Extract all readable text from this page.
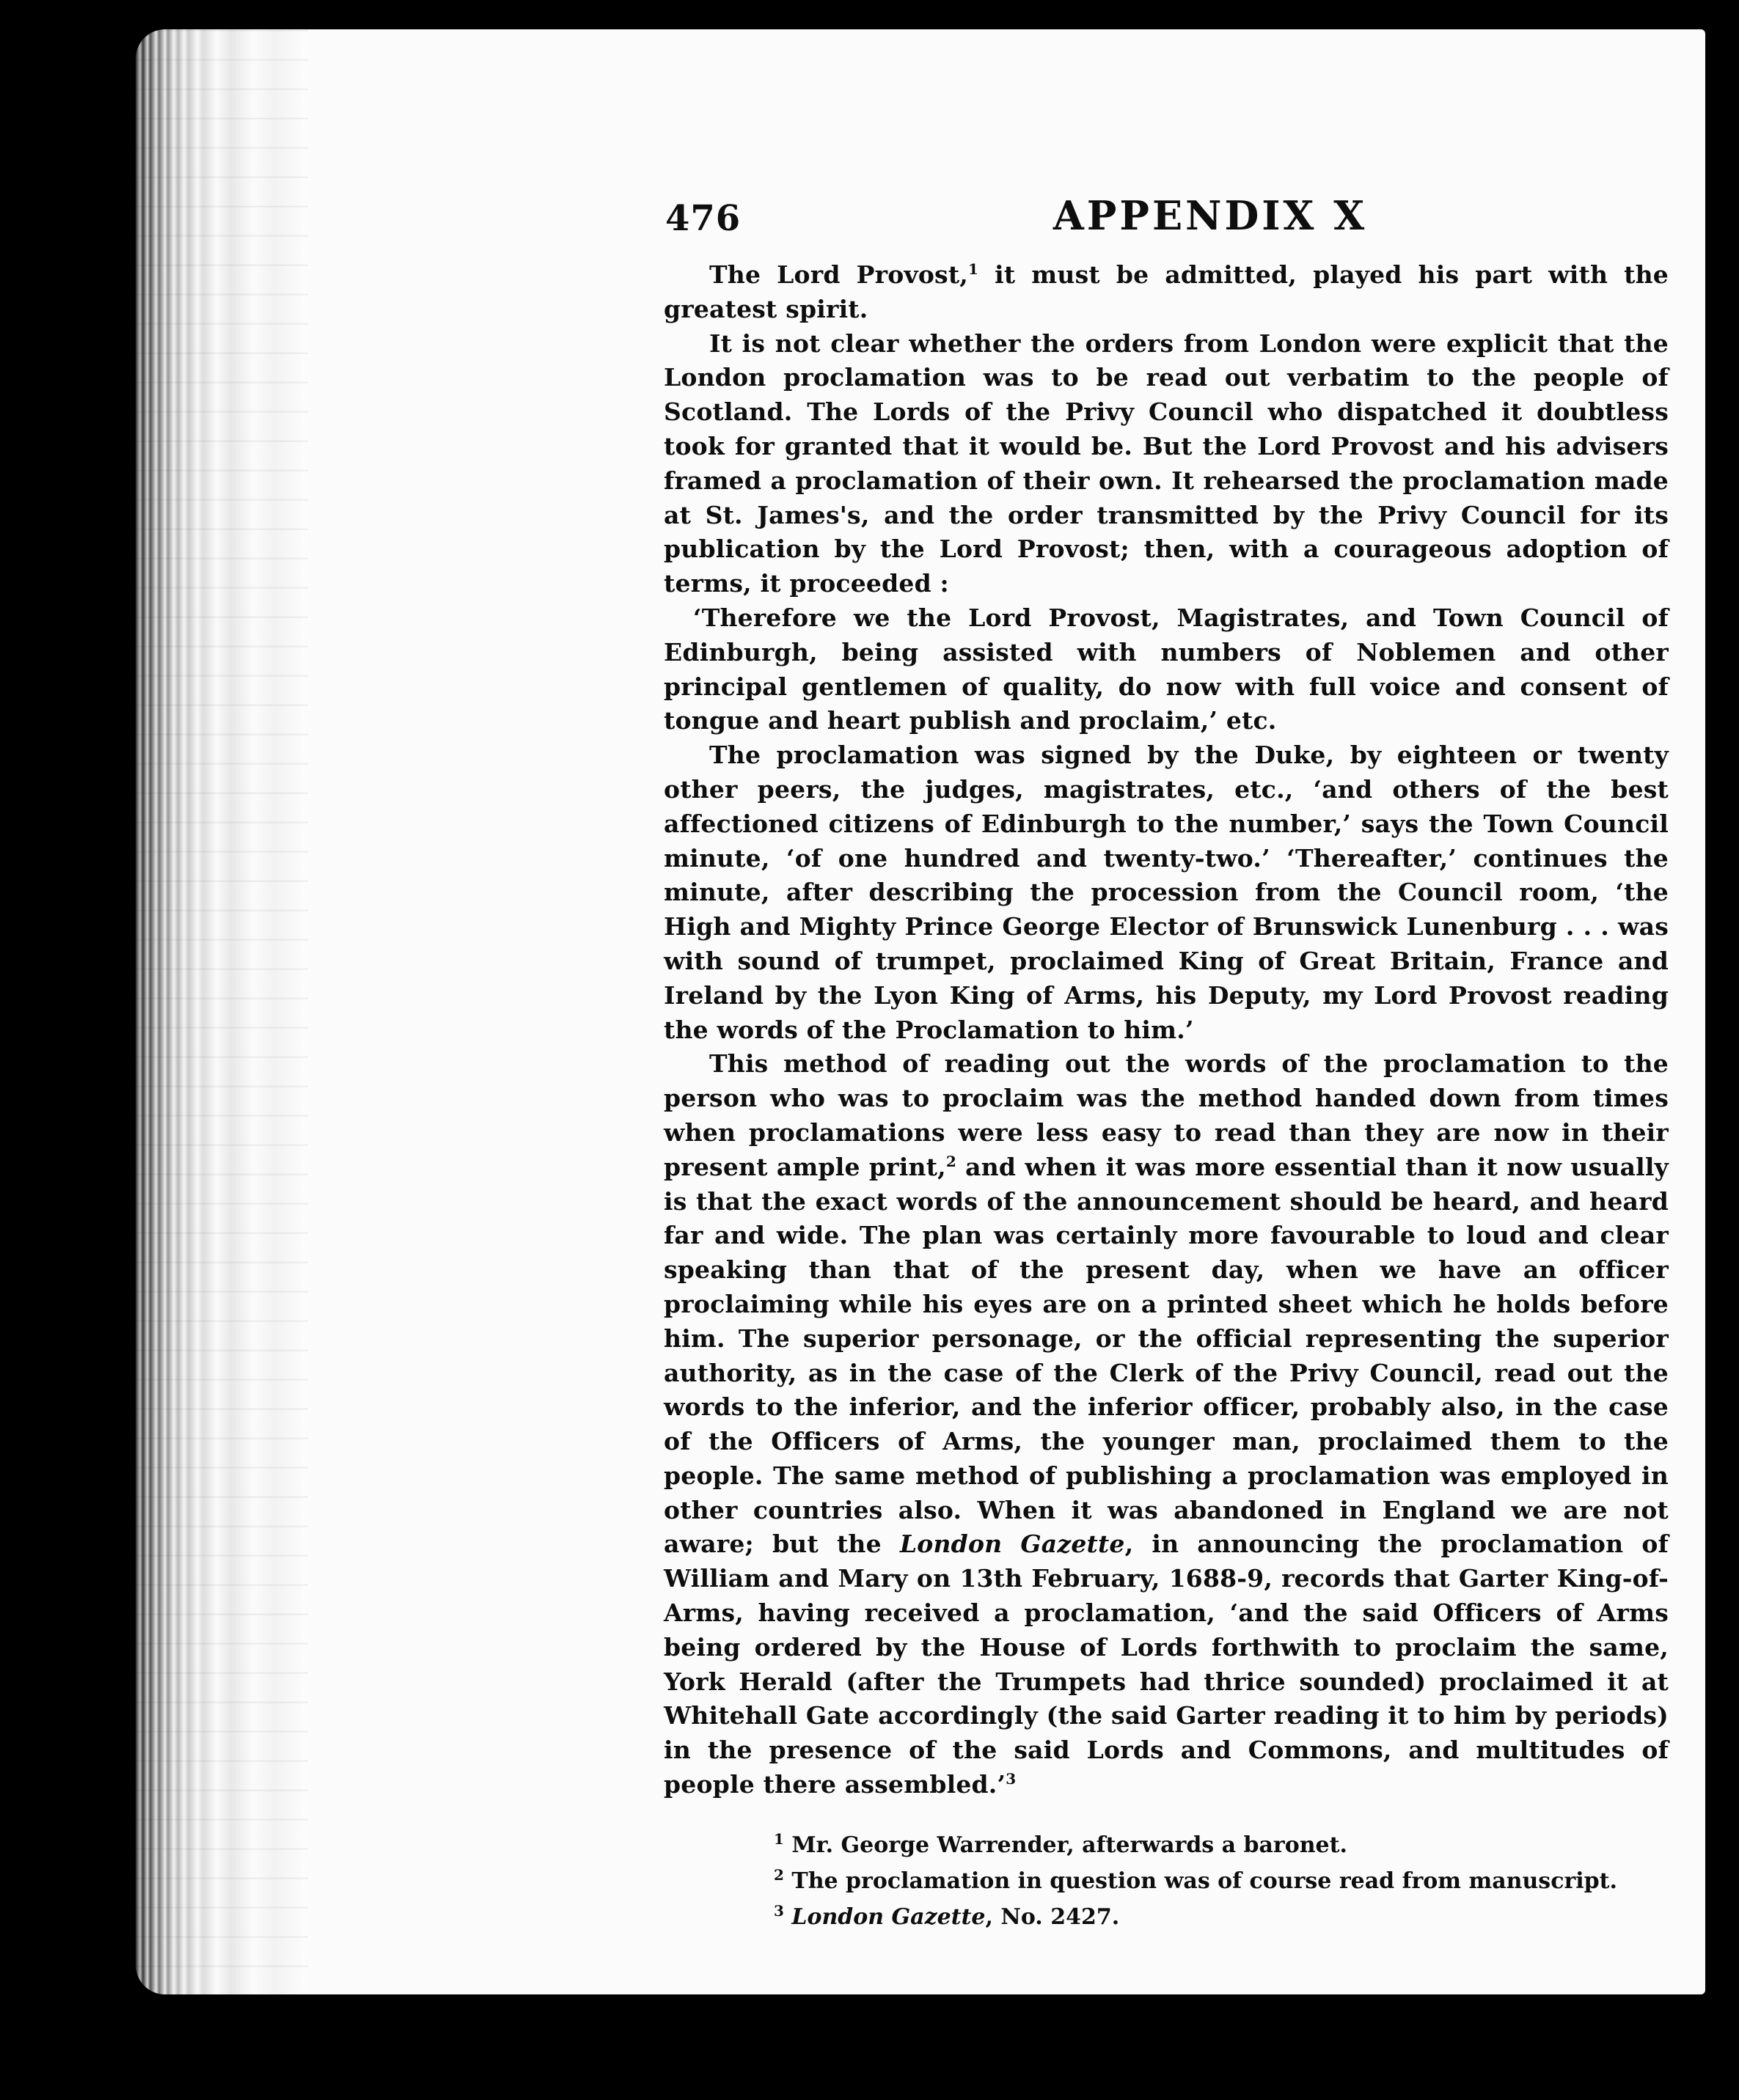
476	APPENDIX X

The Lord Provost,$^1$ it must be admitted, played his part with the greatest spirit.

It is not clear whether the orders from London were explicit that the London proclamation was to be read out verbatim to the people of Scotland. The Lords of the Privy Council who dispatched it doubtless took for granted that it would be. But the Lord Provost and his advisers framed a proclamation of their own. It rehearsed the proclamation made at St. James's, and the order transmitted by the Privy Council for its publication by the Lord Provost; then, with a courageous adoption of terms, it proceeded :

‘Therefore we the Lord Provost, Magistrates, and Town Council of Edinburgh, being assisted with numbers of Noblemen and other principal gentlemen of quality, do now with full voice and consent of tongue and heart publish and proclaim,’ etc.

The proclamation was signed by the Duke, by eighteen or twenty other peers, the judges, magistrates, etc., ‘and others of the best affectioned citizens of Edinburgh to the number,’ says the Town Council minute, ‘of one hundred and twenty-two.’ ‘Thereafter,’ continues the minute, after describing the procession from the Council room, ‘the High and Mighty Prince George Elector of Brunswick Lunenburg . . . was with sound of trumpet, proclaimed King of Great Britain, France and Ireland by the Lyon King of Arms, his Deputy, my Lord Provost reading the words of the Proclamation to him.’

This method of reading out the words of the proclamation to the person who was to proclaim was the method handed down from times when proclamations were less easy to read than they are now in their present ample print,$^2$ and when it was more essential than it now usually is that the exact words of the announcement should be heard, and heard far and wide. The plan was certainly more favourable to loud and clear speaking than that of the present day, when we have an officer proclaiming while his eyes are on a printed sheet which he holds before him. The superior personage, or the official representing the superior authority, as in the case of the Clerk of the Privy Council, read out the words to the inferior, and the inferior officer, probably also, in the case of the Officers of Arms, the younger man, proclaimed them to the people. The same method of publishing a proclamation was employed in other countries also. When it was abandoned in England we are not aware; but the London Gazette, in announcing the proclamation of William and Mary on 13th February, 1688-9, records that Garter King-of-Arms, having received a proclamation, ‘and the said Officers of Arms being ordered by the House of Lords forthwith to proclaim the same, York Herald (after the Trumpets had thrice sounded) proclaimed it at Whitehall Gate accordingly (the said Garter reading it to him by periods) in the presence of the said Lords and Commons, and multitudes of people there assembled.’$^3$

$^1$ Mr. George Warrender, afterwards a baronet.

$^2$ The proclamation in question was of course read from manuscript.

$^3$ London Gazette, No. 2427.
